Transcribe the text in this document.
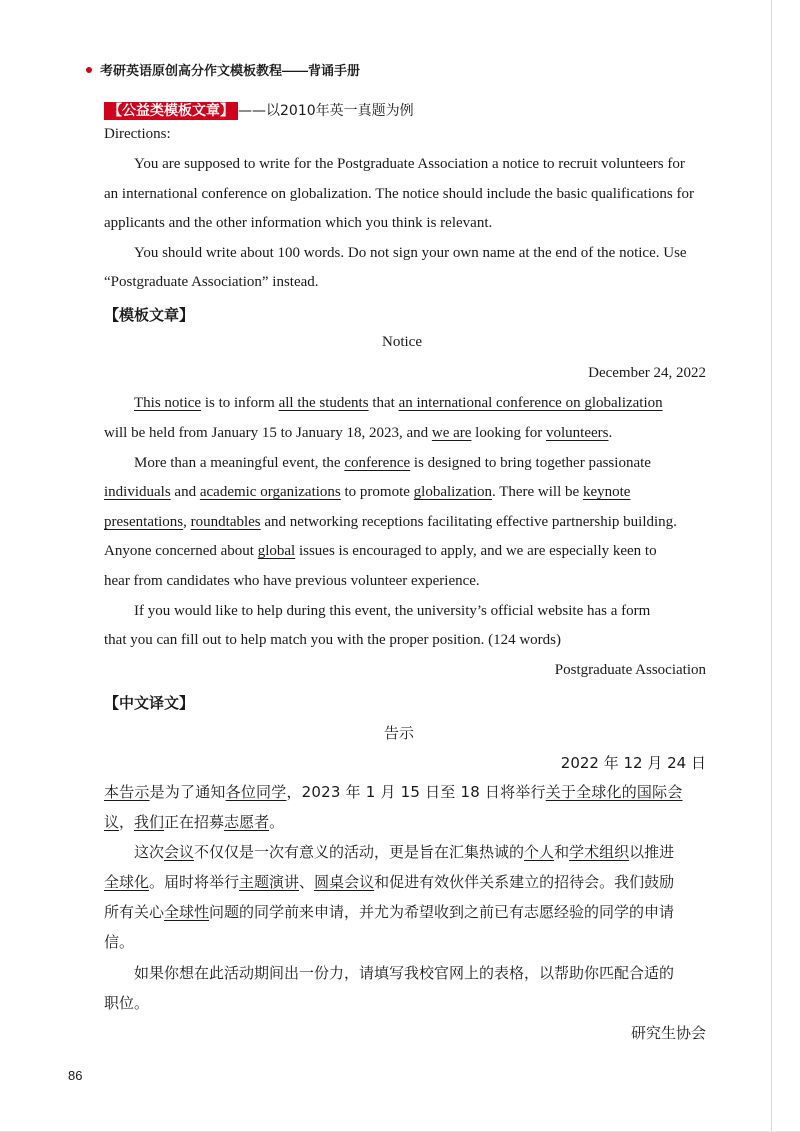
考研英语原创高分作文模板教程——背诵手册
【公益类模板文章】 ——以2010年英一真题为例
Directions:
You are supposed to write for the Postgraduate Association a notice to recruit volunteers for
an international conference on globalization. The notice should include the basic qualifications for
applicants and the other information which you think is relevant.
You should write about 100 words. Do not sign your own name at the end of the notice. Use
“Postgraduate Association” instead.
【模板文章】
Notice
December 24, 2022
This notice is to inform all the students that an international conference on globalization
will be held from January 15 to January 18, 2023, and we are looking for volunteers.
More than a meaningful event, the conference is designed to bring together passionate
individuals and academic organizations to promote globalization. There will be keynote
presentations, roundtables and networking receptions facilitating effective partnership building.
Anyone concerned about global issues is encouraged to apply, and we are especially keen to
hear from candidates who have previous volunteer experience.
If you would like to help during this event, the university’s official website has a form
that you can fill out to help match you with the proper position. (124 words)
Postgraduate Association
【中文译文】
告示
2022 年 12 月 24 日
本告示是为了通知各位同学，2023 年 1 月 15 日至 18 日将举行关于全球化的国际会
议，我们正在招募志愿者。
这次会议不仅仅是一次有意义的活动，更是旨在汇集热诚的个人和学术组织以推进
全球化。届时将举行主题演讲、圆桌会议和促进有效伙伴关系建立的招待会。我们鼓励
所有关心全球性问题的同学前来申请，并尤为希望收到之前已有志愿经验的同学的申请
信。
如果你想在此活动期间出一份力，请填写我校官网上的表格，以帮助你匹配合适的
职位。
研究生协会
86
